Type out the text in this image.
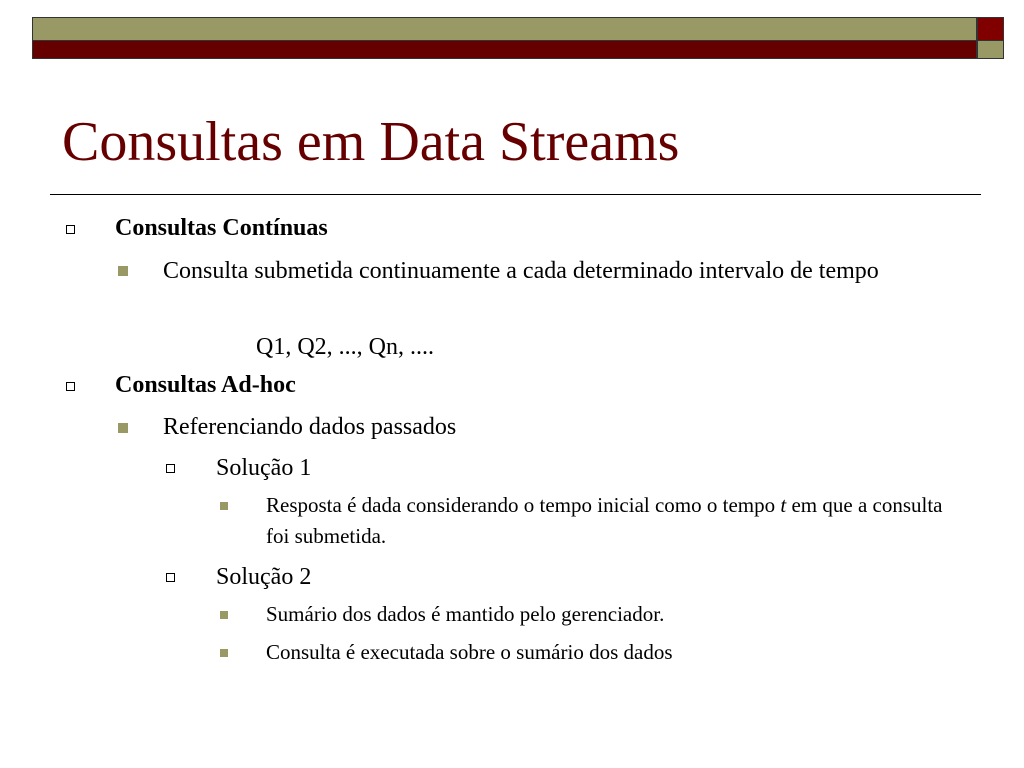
Consultas em Data Streams
Consultas Contínuas
Consulta submetida continuamente a cada determinado intervalo de tempo
Q1, Q2, ..., Qn, ....
Consultas Ad-hoc
Referenciando dados passados
Solução 1
Resposta é dada considerando o tempo inicial como o tempo t em que a consulta foi submetida.
Solução 2
Sumário dos dados é mantido pelo gerenciador.
Consulta é executada sobre o sumário dos dados
